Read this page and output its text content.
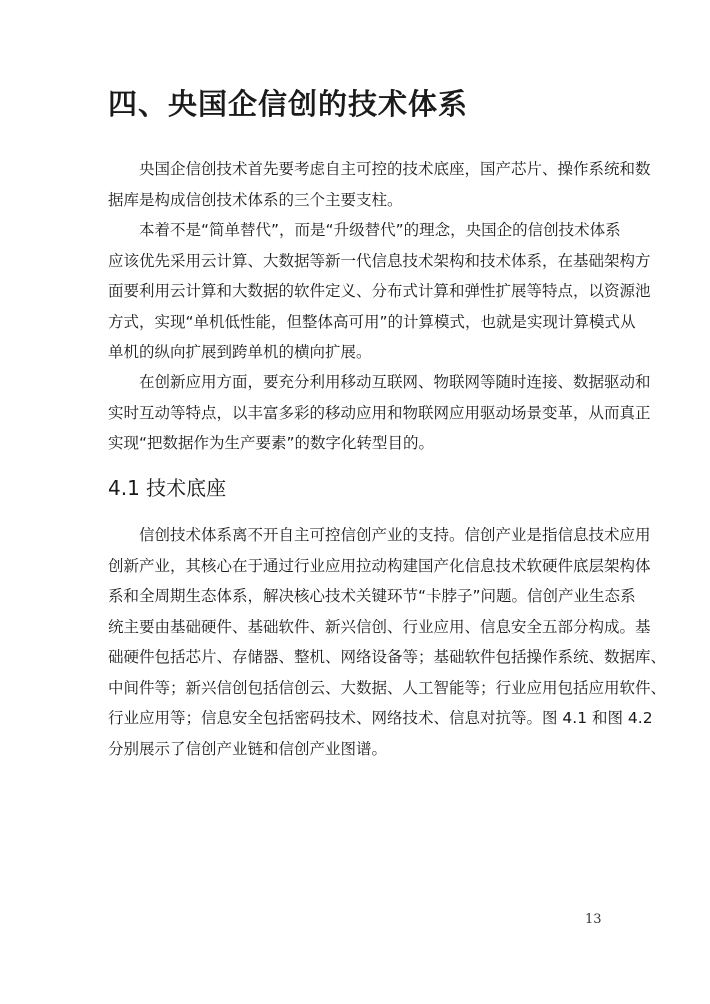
四、央国企信创的技术体系
央国企信创技术首先要考虑自主可控的技术底座，国产芯片、操作系统和数
据库是构成信创技术体系的三个主要支柱。
本着不是“简单替代”，而是“升级替代”的理念，央国企的信创技术体系
应该优先采用云计算、大数据等新一代信息技术架构和技术体系，在基础架构方
面要利用云计算和大数据的软件定义、分布式计算和弹性扩展等特点，以资源池
方式，实现“单机低性能，但整体高可用”的计算模式，也就是实现计算模式从
单机的纵向扩展到跨单机的横向扩展。
在创新应用方面，要充分利用移动互联网、物联网等随时连接、数据驱动和
实时互动等特点，以丰富多彩的移动应用和物联网应用驱动场景变革，从而真正
实现“把数据作为生产要素”的数字化转型目的。
4.1 技术底座
信创技术体系离不开自主可控信创产业的支持。信创产业是指信息技术应用
创新产业，其核心在于通过行业应用拉动构建国产化信息技术软硬件底层架构体
系和全周期生态体系，解决核心技术关键环节“卡脖子”问题。信创产业生态系
统主要由基础硬件、基础软件、新兴信创、行业应用、信息安全五部分构成。基
础硬件包括芯片、存储器、整机、网络设备等；基础软件包括操作系统、数据库、
中间件等；新兴信创包括信创云、大数据、人工智能等；行业应用包括应用软件、
行业应用等；信息安全包括密码技术、网络技术、信息对抗等。图 4.1 和图 4.2
分别展示了信创产业链和信创产业图谱。
13
